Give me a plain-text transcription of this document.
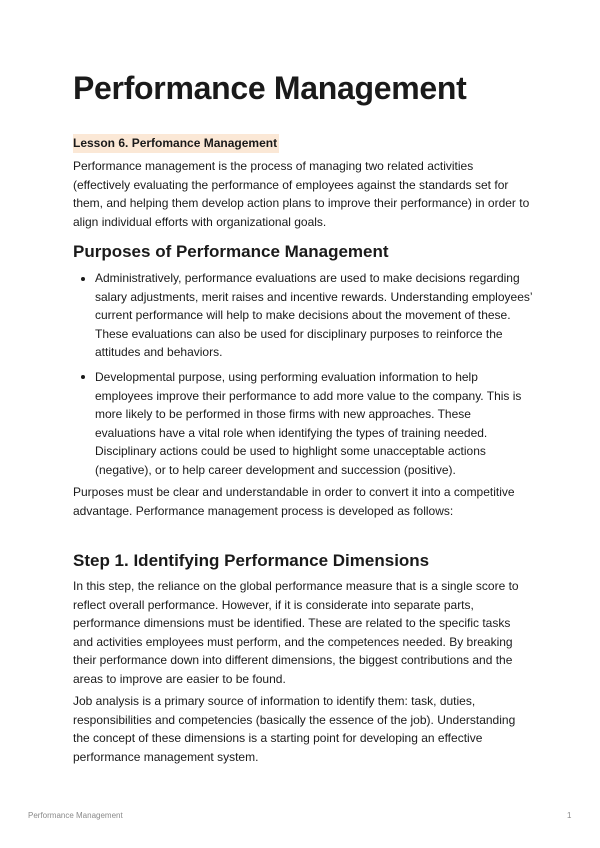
Performance Management
Lesson 6. Perfomance Management

Performance management is the process of managing two related activities (effectively evaluating the performance of employees against the standards set for them, and helping them develop action plans to improve their performance) in order to align individual efforts with organizational goals.

Purposes of Performance Management
Administratively, performance evaluations are used to make decisions regarding salary adjustments, merit raises and incentive rewards. Understanding employees’ current performance will help to make decisions about the movement of these. These evaluations can also be used for disciplinary purposes to reinforce the attitudes and behaviors.
Developmental purpose, using performing evaluation information to help employees improve their performance to add more value to the company. This is more likely to be performed in those firms with new approaches. These evaluations have a vital role when identifying the types of training needed. Disciplinary actions could be used to highlight some unacceptable actions (negative), or to help career development and succession (positive).

Purposes must be clear and understandable in order to convert it into a competitive advantage. Performance management process is developed as follows:

Step 1. Identifying Performance Dimensions

In this step, the reliance on the global performance measure that is a single score to reflect overall performance. However, if it is considerate into separate parts, performance dimensions must be identified. These are related to the specific tasks and activities employees must perform, and the competences needed. By breaking their performance down into different dimensions, the biggest contributions and the areas to improve are easier to be found.

Job analysis is a primary source of information to identify them: task, duties, responsibilities and competencies (basically the essence of the job). Understanding the concept of these dimensions is a starting point for developing an effective performance management system.

Performance Management	1
